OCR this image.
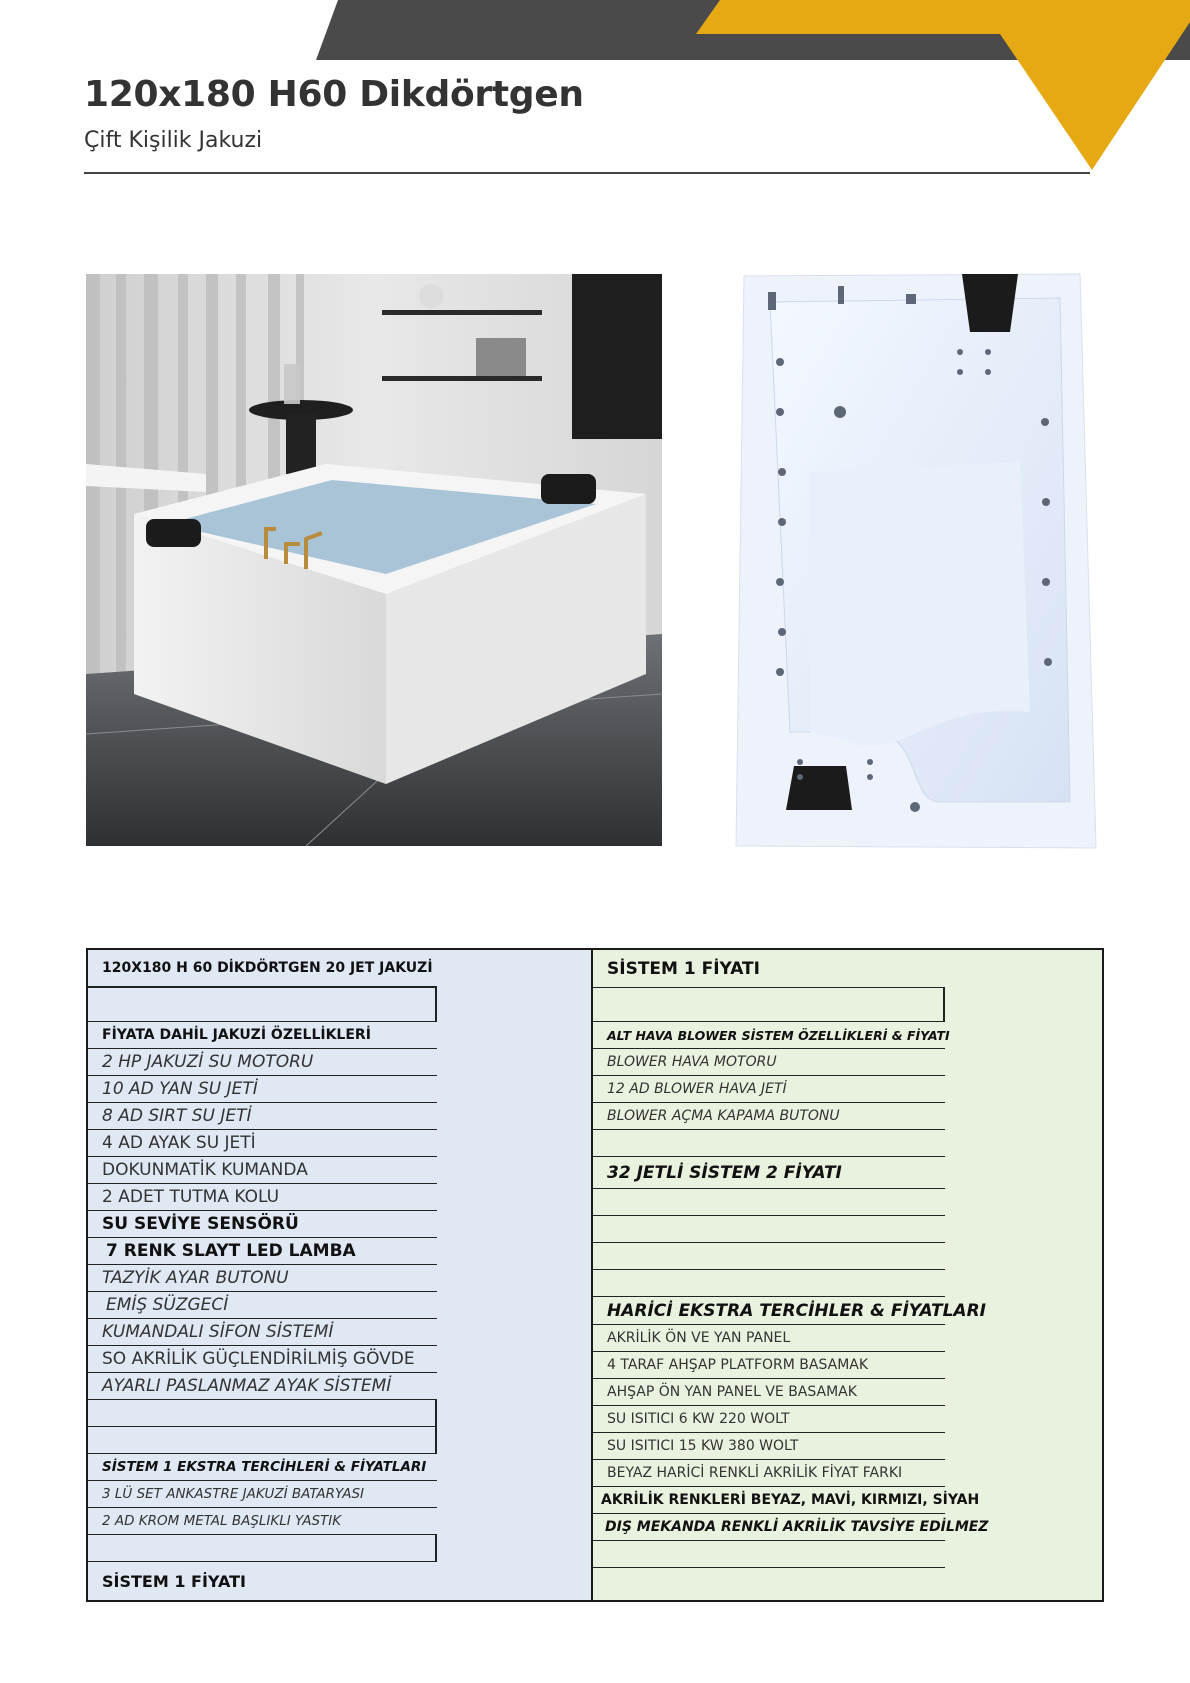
120x180 H60 Dikdörtgen

Çift Kişilik Jakuzi

120X180 H 60 DİKDÖRTGEN 20 JET JAKUZİ
FİYATA DAHİL JAKUZİ ÖZELLİKLERİ
2 HP JAKUZİ SU MOTORU
10 AD YAN SU JETİ
8 AD SIRT SU JETİ
4 AD AYAK SU JETİ
DOKUNMATİK KUMANDA
2 ADET TUTMA KOLU
SU SEVİYE SENSÖRÜ
7 RENK SLAYT LED LAMBA
TAZYİK AYAR BUTONU
EMİŞ SÜZGECİ
KUMANDALI SİFON SİSTEMİ
SO AKRİLİK GÜÇLENDİRİLMİŞ GÖVDE
AYARLI PASLANMAZ AYAK SİSTEMİ
SİSTEM 1 EKSTRA TERCİHLERİ & FİYATLARI
3 LÜ SET ANKASTRE JAKUZİ BATARYASI
2 AD KROM METAL BAŞLIKLI YASTIK
SİSTEM 1 FİYATI
SİSTEM 1 FİYATI
ALT HAVA BLOWER SİSTEM ÖZELLİKLERİ & FİYATI
BLOWER HAVA MOTORU
12 AD BLOWER HAVA JETİ
BLOWER AÇMA KAPAMA BUTONU
32 JETLİ SİSTEM 2 FİYATI
HARİCİ EKSTRA TERCİHLER & FİYATLARI
AKRİLİK ÖN VE YAN PANEL
4 TARAF AHŞAP PLATFORM BASAMAK
AHŞAP ÖN YAN PANEL VE BASAMAK
SU ISITICI 6 KW 220 WOLT
SU ISITICI 15 KW 380 WOLT
BEYAZ HARİCİ RENKLİ AKRİLİK FİYAT FARKI
AKRİLİK RENKLERİ BEYAZ, MAVİ, KIRMIZI, SİYAH
DIŞ MEKANDA RENKLİ AKRİLİK TAVSİYE EDİLMEZ
